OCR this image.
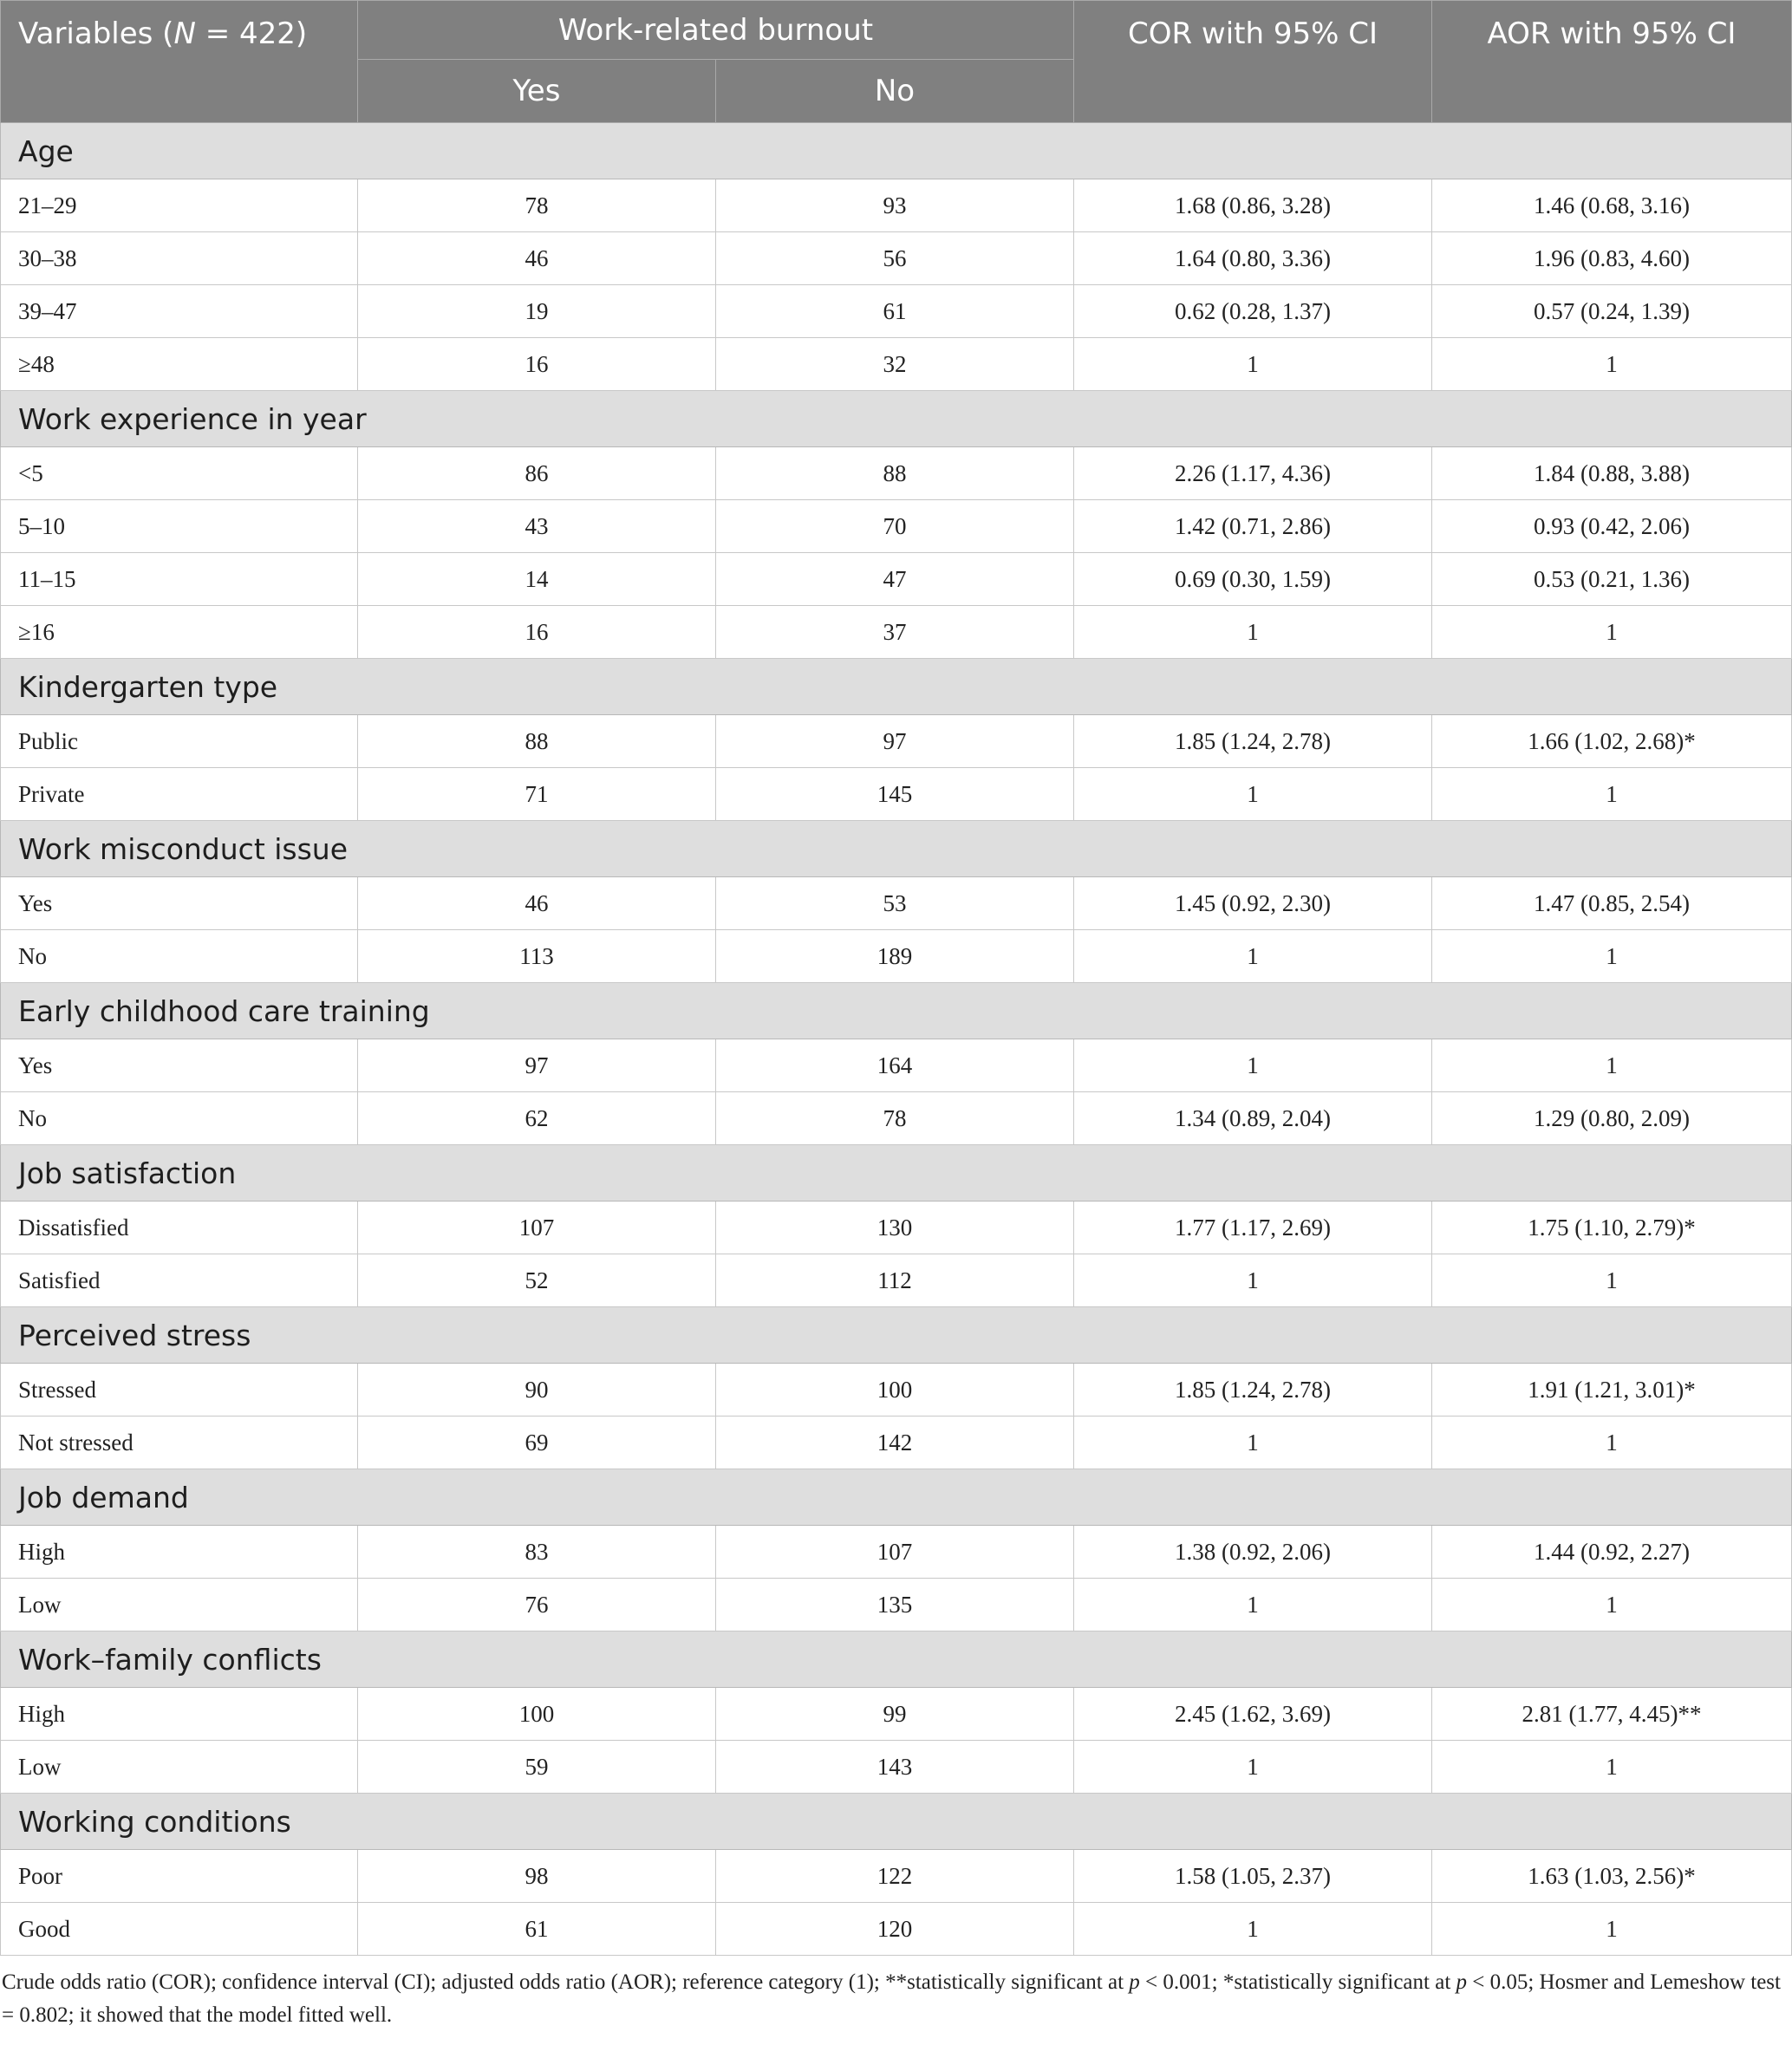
Variables (N = 422)	Work-related burnout		COR with 95% CI	AOR with 95% CI
	Yes	No		
Age				
21–29	78	93	1.68 (0.86, 3.28)	1.46 (0.68, 3.16)
30–38	46	56	1.64 (0.80, 3.36)	1.96 (0.83, 4.60)
39–47	19	61	0.62 (0.28, 1.37)	0.57 (0.24, 1.39)
≥48	16	32	1	1
Work experience in year				
<5	86	88	2.26 (1.17, 4.36)	1.84 (0.88, 3.88)
5–10	43	70	1.42 (0.71, 2.86)	0.93 (0.42, 2.06)
11–15	14	47	0.69 (0.30, 1.59)	0.53 (0.21, 1.36)
≥16	16	37	1	1
Kindergarten type				
Public	88	97	1.85 (1.24, 2.78)	1.66 (1.02, 2.68)*
Private	71	145	1	1
Work misconduct issue				
Yes	46	53	1.45 (0.92, 2.30)	1.47 (0.85, 2.54)
No	113	189	1	1
Early childhood care training				
Yes	97	164	1	1
No	62	78	1.34 (0.89, 2.04)	1.29 (0.80, 2.09)
Job satisfaction				
Dissatisfied	107	130	1.77 (1.17, 2.69)	1.75 (1.10, 2.79)*
Satisfied	52	112	1	1
Perceived stress				
Stressed	90	100	1.85 (1.24, 2.78)	1.91 (1.21, 3.01)*
Not stressed	69	142	1	1
Job demand				
High	83	107	1.38 (0.92, 2.06)	1.44 (0.92, 2.27)
Low	76	135	1	1
Work–family conflicts				
High	100	99	2.45 (1.62, 3.69)	2.81 (1.77, 4.45)**
Low	59	143	1	1
Working conditions				
Poor	98	122	1.58 (1.05, 2.37)	1.63 (1.03, 2.56)*
Good	61	120	1	1

Crude odds ratio (COR); confidence interval (CI); adjusted odds ratio (AOR); reference category (1); **statistically significant at p < 0.001; *statistically significant at p < 0.05; Hosmer and Lemeshow test = 0.802; it showed that the model fitted well.
